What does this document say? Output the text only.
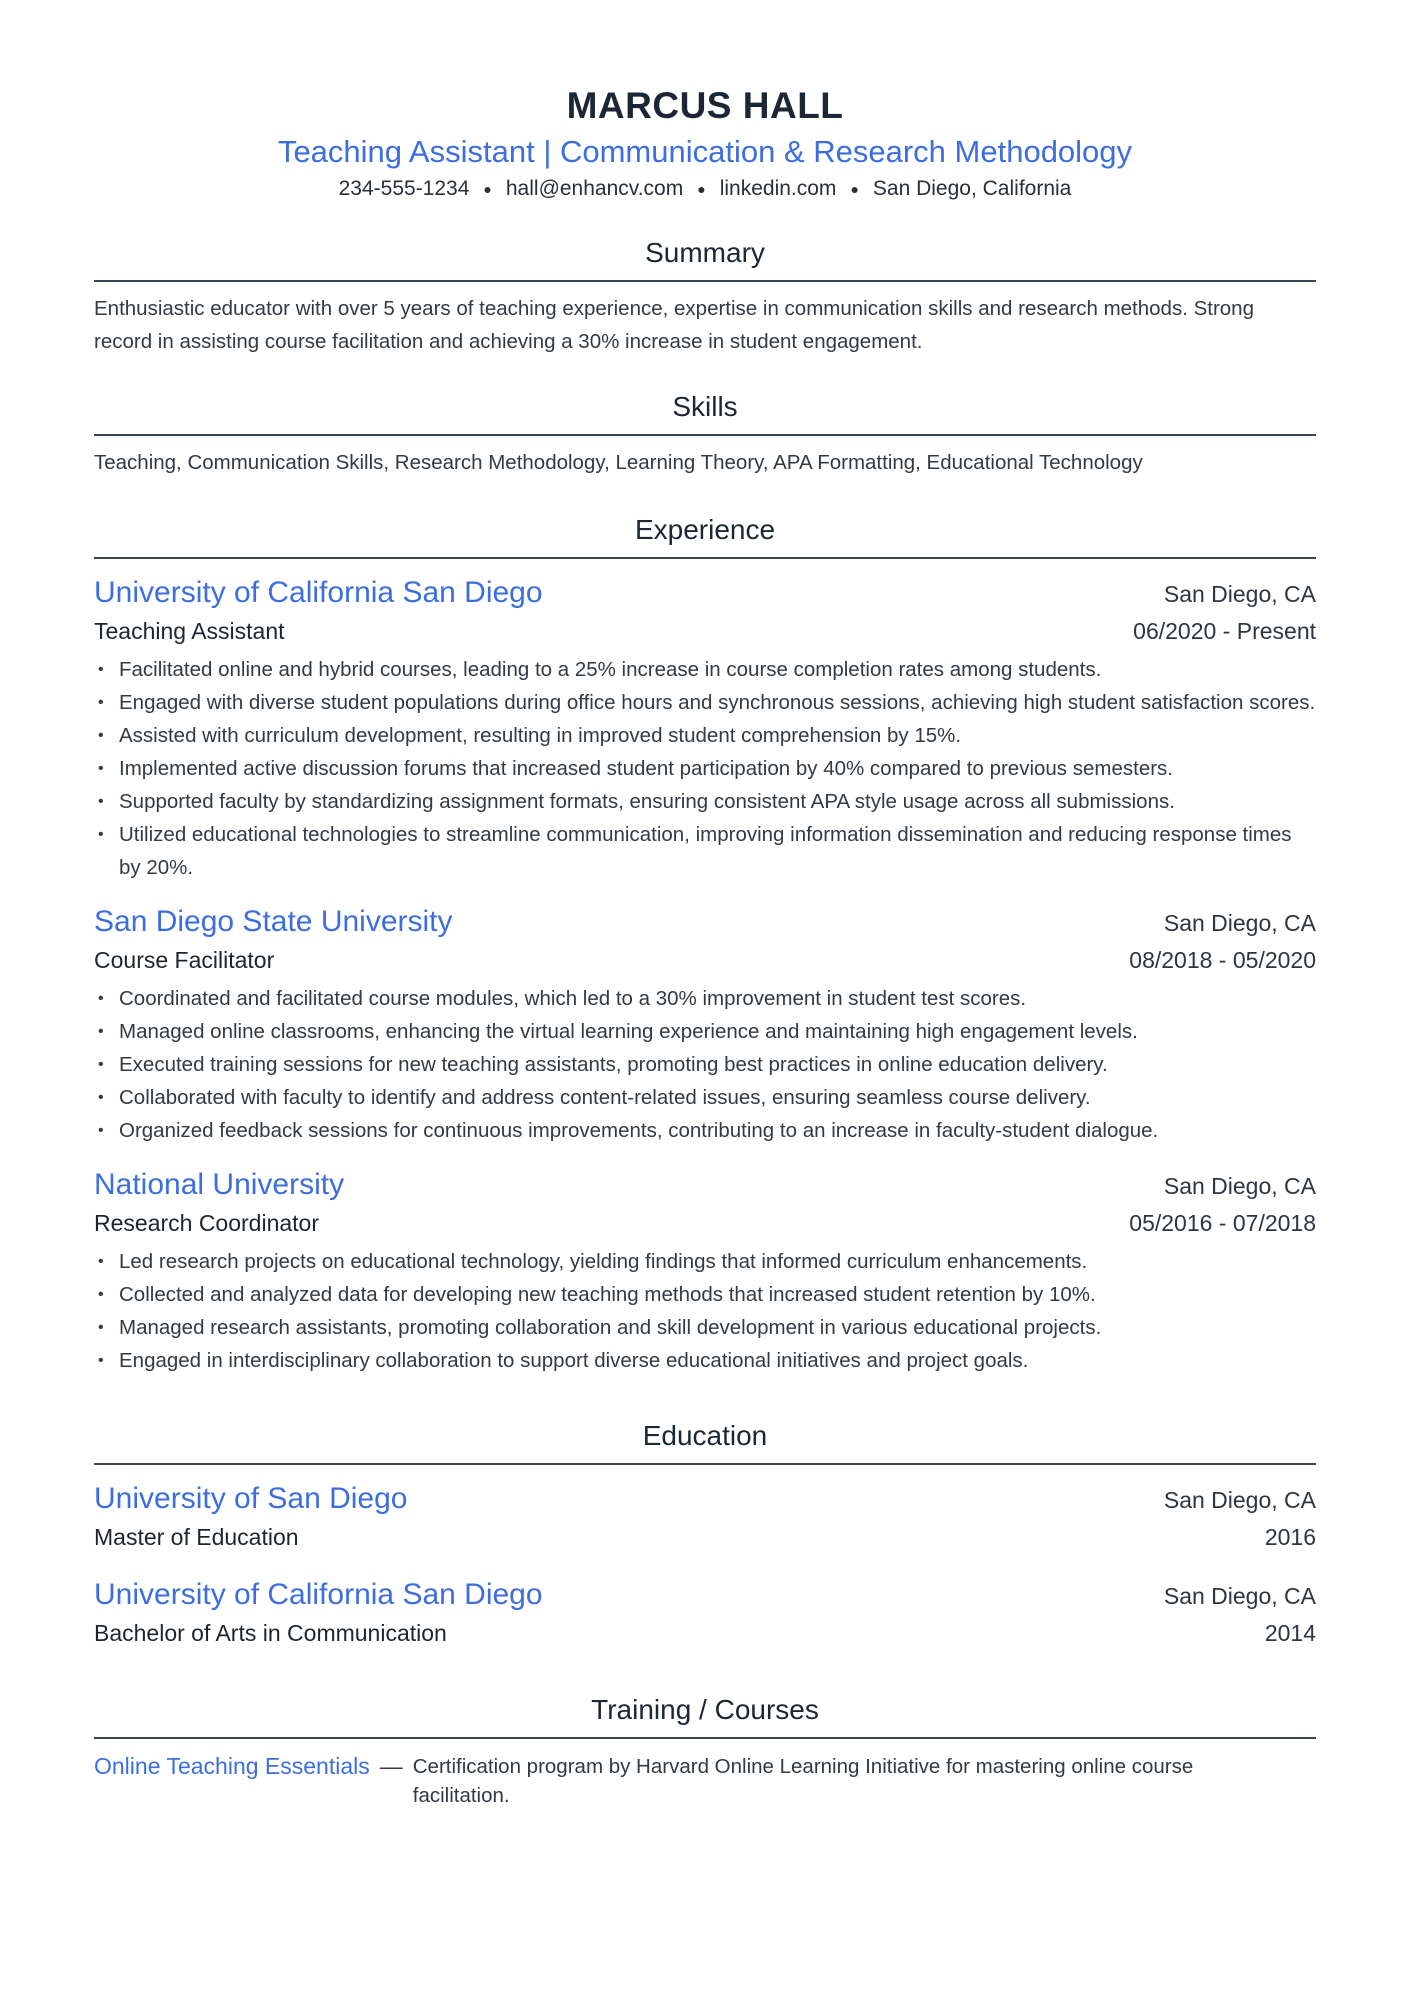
MARCUS HALL
Teaching Assistant | Communication & Research Methodology
234-555-1234 ● hall@enhancv.com ● linkedin.com ● San Diego, California
Summary
Enthusiastic educator with over 5 years of teaching experience, expertise in communication skills and research methods. Strong record in assisting course facilitation and achieving a 30% increase in student engagement.
Skills
Teaching, Communication Skills, Research Methodology, Learning Theory, APA Formatting, Educational Technology
Experience
University of California San Diego	San Diego, CA
Teaching Assistant	06/2020 - Present
• Facilitated online and hybrid courses, leading to a 25% increase in course completion rates among students.
• Engaged with diverse student populations during office hours and synchronous sessions, achieving high student satisfaction scores.
• Assisted with curriculum development, resulting in improved student comprehension by 15%.
• Implemented active discussion forums that increased student participation by 40% compared to previous semesters.
• Supported faculty by standardizing assignment formats, ensuring consistent APA style usage across all submissions.
• Utilized educational technologies to streamline communication, improving information dissemination and reducing response times by 20%.
San Diego State University	San Diego, CA
Course Facilitator	08/2018 - 05/2020
• Coordinated and facilitated course modules, which led to a 30% improvement in student test scores.
• Managed online classrooms, enhancing the virtual learning experience and maintaining high engagement levels.
• Executed training sessions for new teaching assistants, promoting best practices in online education delivery.
• Collaborated with faculty to identify and address content-related issues, ensuring seamless course delivery.
• Organized feedback sessions for continuous improvements, contributing to an increase in faculty-student dialogue.
National University	San Diego, CA
Research Coordinator	05/2016 - 07/2018
• Led research projects on educational technology, yielding findings that informed curriculum enhancements.
• Collected and analyzed data for developing new teaching methods that increased student retention by 10%.
• Managed research assistants, promoting collaboration and skill development in various educational projects.
• Engaged in interdisciplinary collaboration to support diverse educational initiatives and project goals.
Education
University of San Diego	San Diego, CA
Master of Education	2016
University of California San Diego	San Diego, CA
Bachelor of Arts in Communication	2014
Training / Courses
Online Teaching Essentials — Certification program by Harvard Online Learning Initiative for mastering online course facilitation.
